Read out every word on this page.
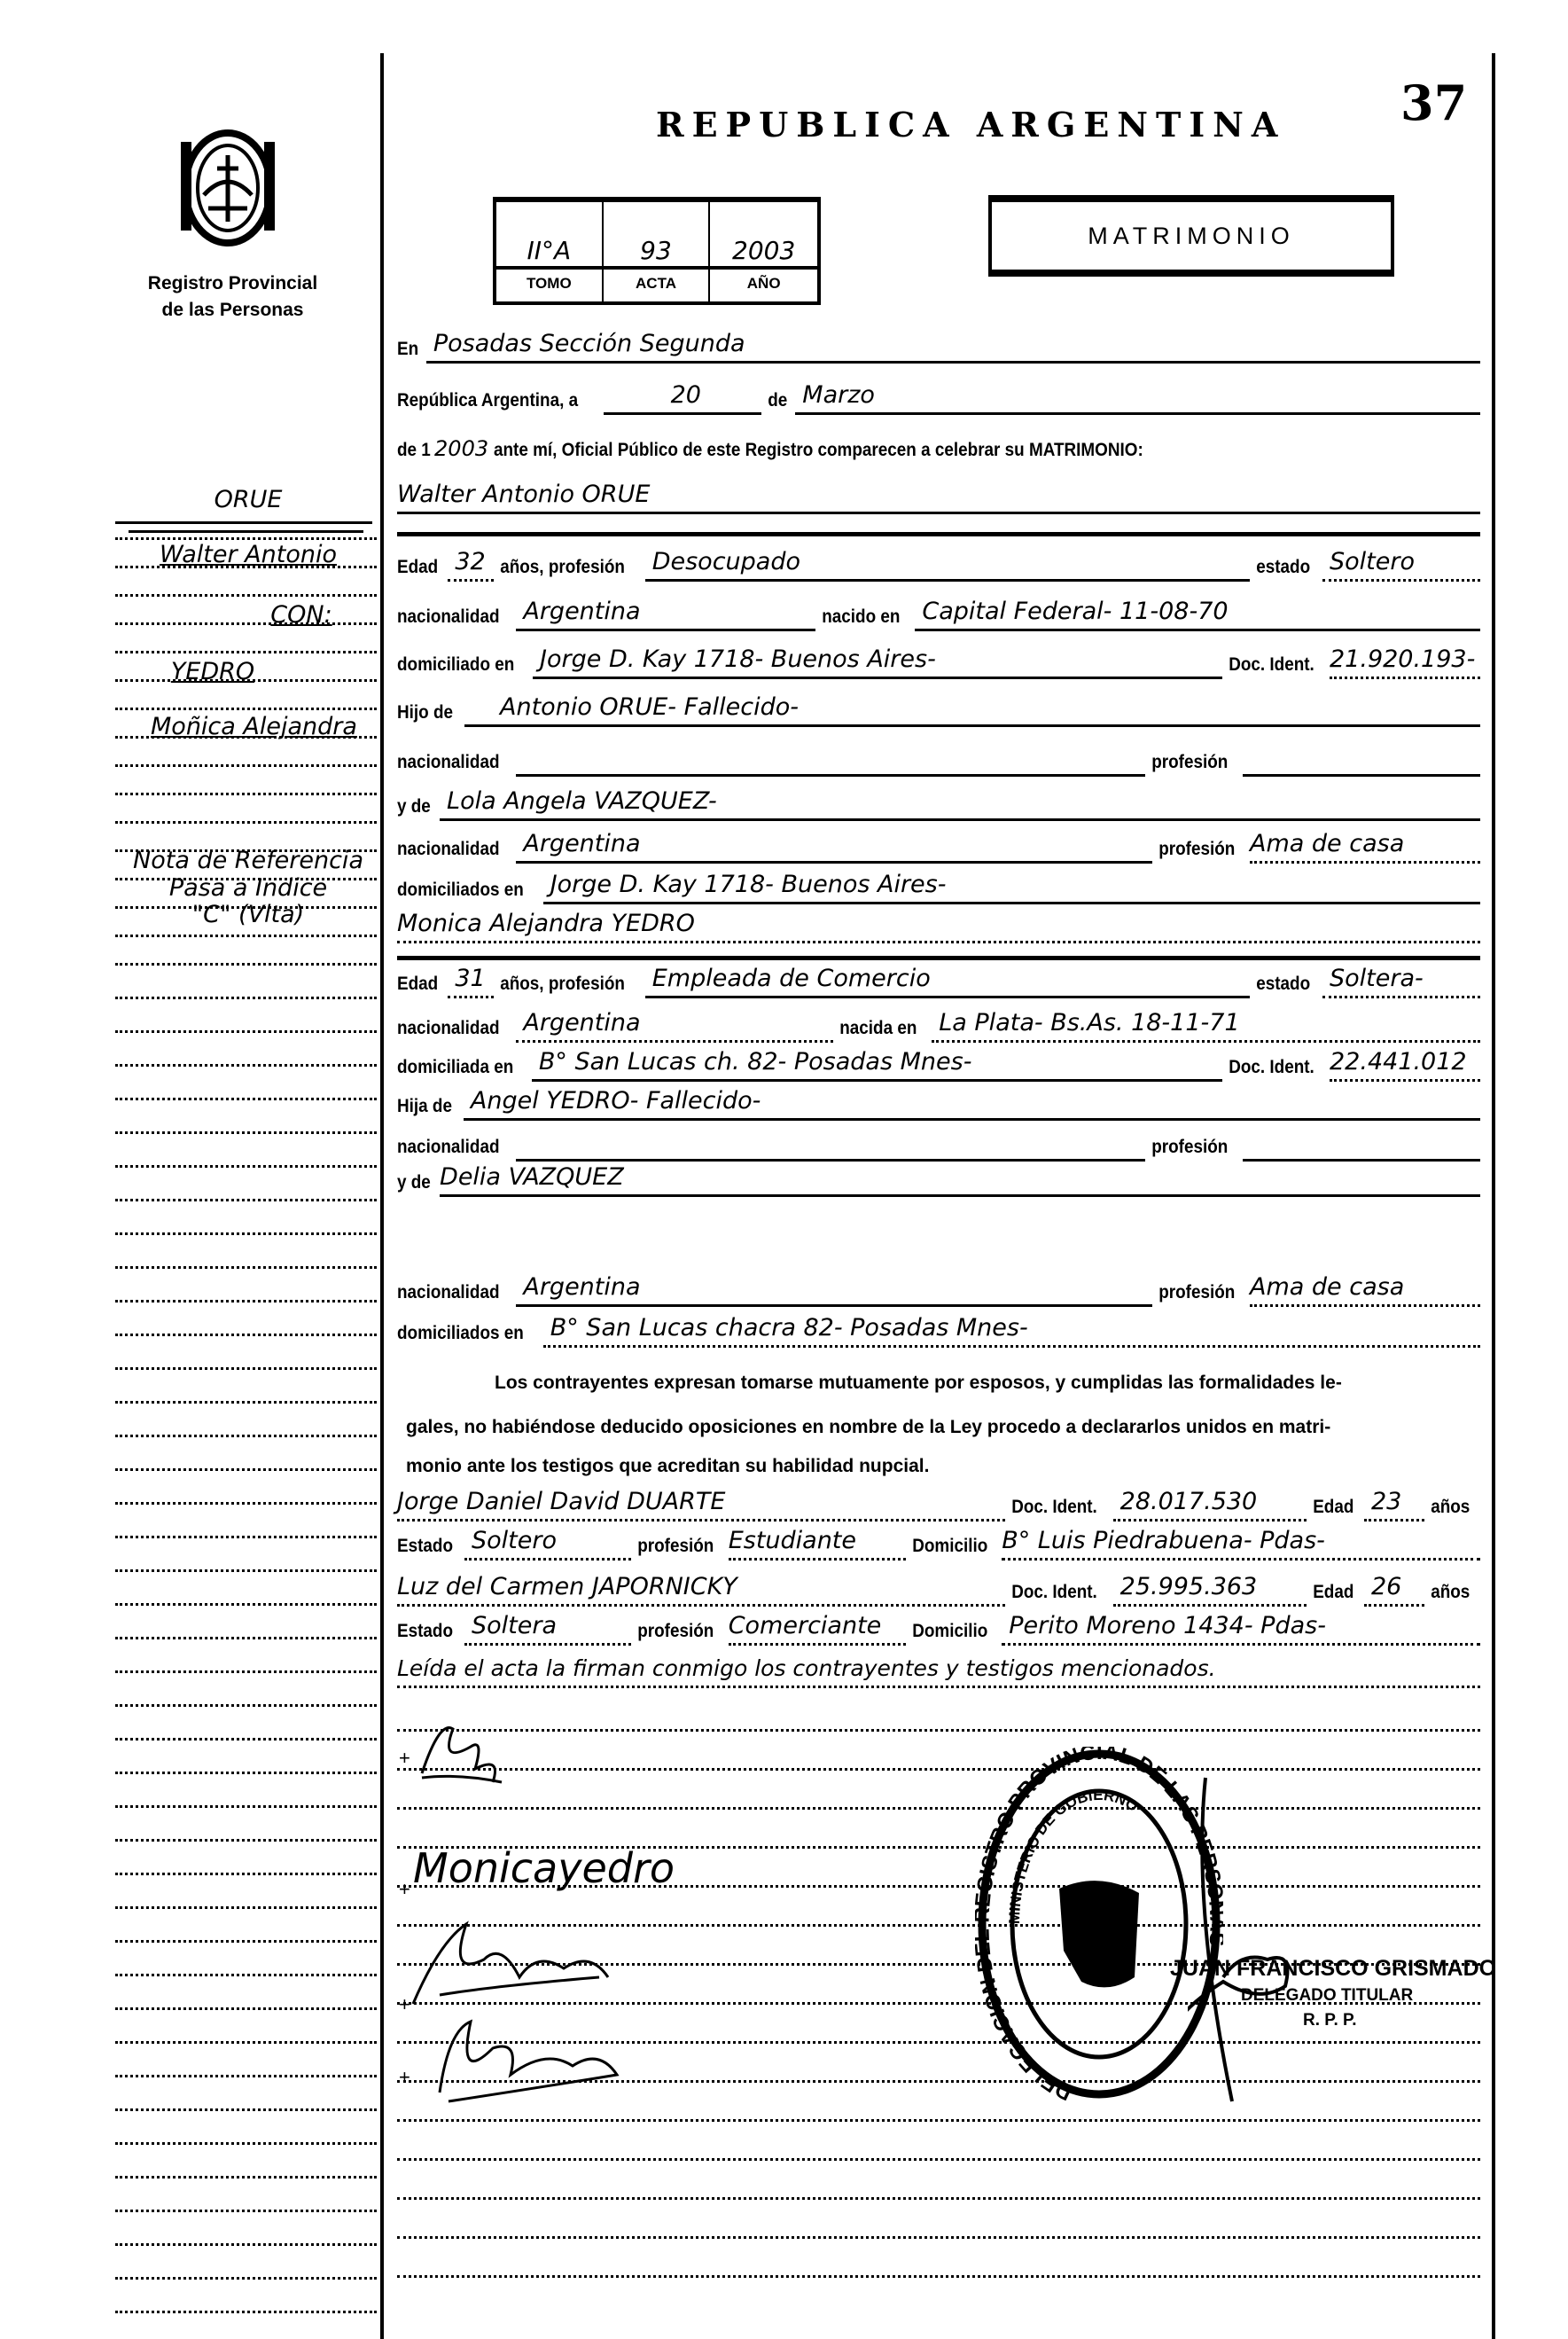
Registro Provincial
de las Personas
REPUBLICA ARGENTINA 37
II°A	93	2003
TOMO	ACTA	AÑO
MATRIMONIO
En Posadas Sección Segunda
República Argentina, a	20	de Marzo
de 1 2003 ante mí, Oficial Público de este Registro comparecen a celebrar su MATRIMONIO:
Walter Antonio ORUE
Edad 32 años, profesión Desocupado	estado Soltero
nacionalidad Argentina	nacido en Capital Federal- 11-08-70
domiciliado en Jorge D. Kay 1718- Buenos Aires-	Doc. Ident. 21.920.193-
Hijo de	Antonio ORUE- Fallecido-
nacionalidad	profesión
y de Lola Angela VAZQUEZ-
nacionalidad Argentina	profesión Ama de casa
domiciliados en Jorge D. Kay 1718- Buenos Aires-
Monica Alejandra YEDRO
Edad 31 años, profesión Empleada de Comercio	estado Soltera-
nacionalidad Argentina	nacida en La Plata- Bs.As. 18-11-71
domiciliada en B° San Lucas ch. 82- Posadas Mnes-	Doc. Ident. 22.441.012
Hija de Angel YEDRO- Fallecido-
nacionalidad	profesión
y de Delia VAZQUEZ
nacionalidad Argentina	profesión Ama de casa
domiciliados en B° San Lucas chacra 82- Posadas Mnes-
Los contrayentes expresan tomarse mutuamente por esposos, y cumplidas las formalidades le-
gales, no habiéndose deducido oposiciones en nombre de la Ley procedo a declararlos unidos en matri-
monio ante los testigos que acreditan su habilidad nupcial.
Jorge Daniel David DUARTE	Doc. Ident. 28.017.530	Edad 23	años
Estado Soltero	profesión Estudiante	Domicilio B° Luis Piedrabuena- Pdas-
Luz del Carmen JAPORNICKY	Doc. Ident. 25.995.363	Edad 26	años
Estado Soltera	profesión Comerciante	Domicilio Perito Moreno 1434- Pdas-
Leída el acta la firman conmigo los contrayentes y testigos mencionados.
ORUE
Walter Antonio
CON:
YEDRO
Moñica Alejandra
Nota de Referencia
Pasa a Indice
"C" (Vlta)
+
+
+
+
Monicayedro
DELEGACION ISTRO PROVINCIAL DE LAS PERS
MINISTERIO DE GOBIERNO
JUAN FRANCISCO GRISMADO
DELEGADO TITULAR
R. P. P.
